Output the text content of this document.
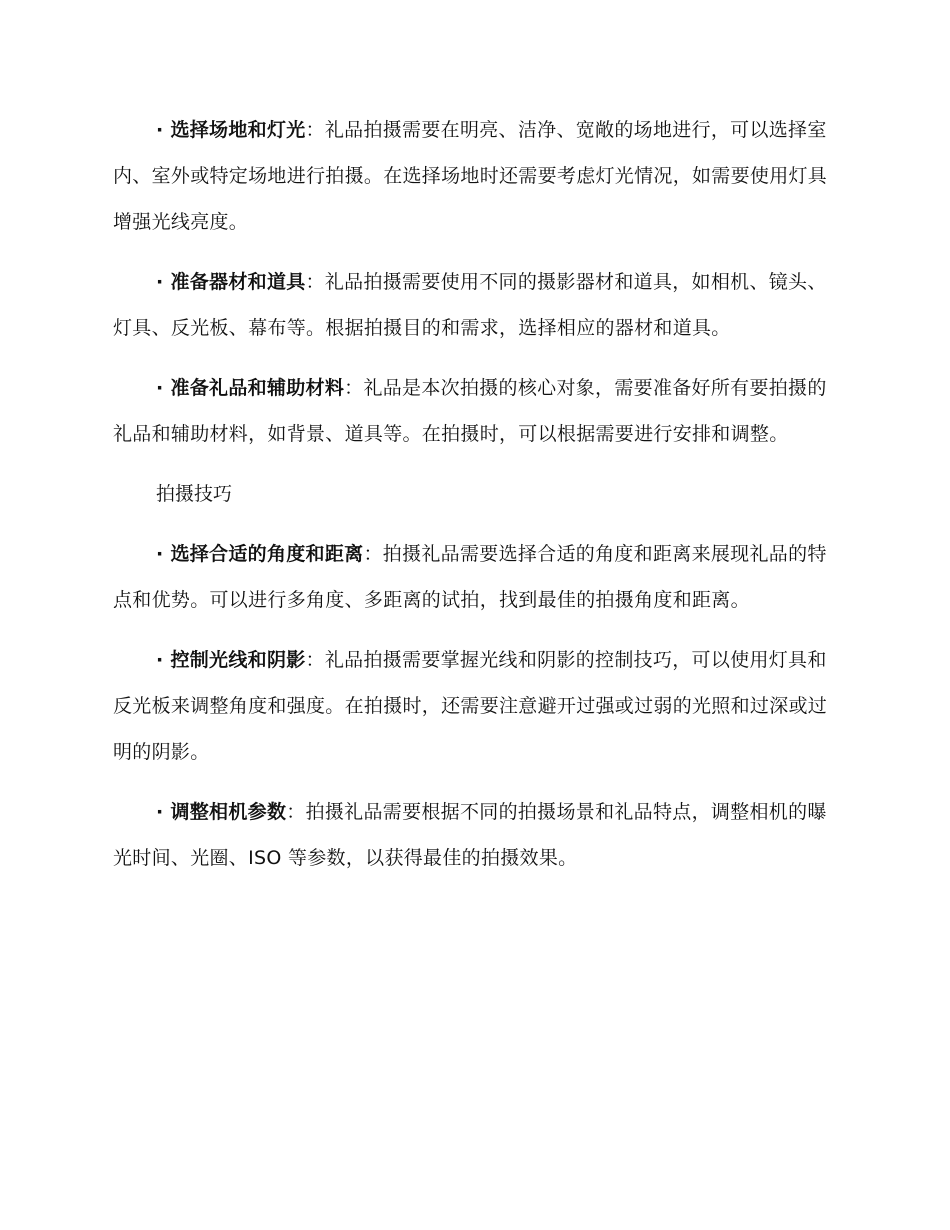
· 选择场地和灯光：礼品拍摄需要在明亮、洁净、宽敞的场地进行，可以选择室内、室外或特定场地进行拍摄。在选择场地时还需要考虑灯光情况，如需要使用灯具增强光线亮度。

· 准备器材和道具：礼品拍摄需要使用不同的摄影器材和道具，如相机、镜头、灯具、反光板、幕布等。根据拍摄目的和需求，选择相应的器材和道具。

· 准备礼品和辅助材料：礼品是本次拍摄的核心对象，需要准备好所有要拍摄的礼品和辅助材料，如背景、道具等。在拍摄时，可以根据需要进行安排和调整。

拍摄技巧

· 选择合适的角度和距离：拍摄礼品需要选择合适的角度和距离来展现礼品的特点和优势。可以进行多角度、多距离的试拍，找到最佳的拍摄角度和距离。

· 控制光线和阴影：礼品拍摄需要掌握光线和阴影的控制技巧，可以使用灯具和反光板来调整角度和强度。在拍摄时，还需要注意避开过强或过弱的光照和过深或过明的阴影。

· 调整相机参数：拍摄礼品需要根据不同的拍摄场景和礼品特点，调整相机的曝光时间、光圈、ISO 等参数，以获得最佳的拍摄效果。
